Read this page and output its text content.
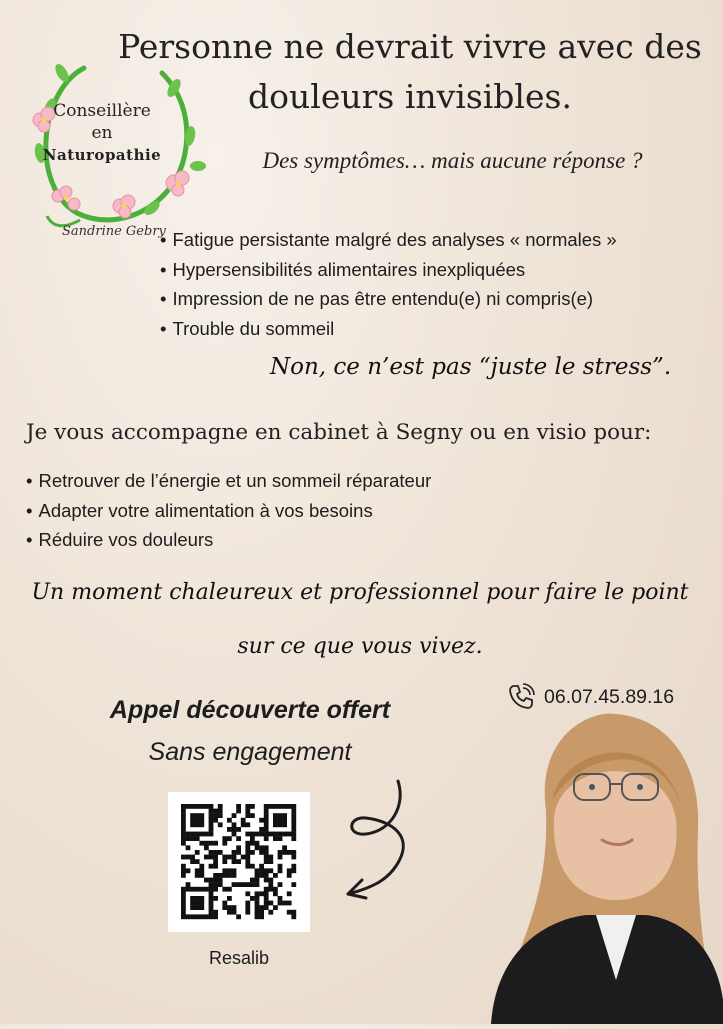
Conseillère
en
Naturopathie
Sandrine Gebry
Personne ne devrait vivre avec des
douleurs invisibles.
Des symptômes… mais aucune réponse ?
• Fatigue persistante malgré des analyses « normales »
• Hypersensibilités alimentaires inexpliquées
• Impression de ne pas être entendu(e) ni compris(e)
• Trouble du sommeil
Non, ce n’est pas “juste le stress”.
Je vous accompagne en cabinet à Segny ou en visio pour:
• Retrouver de l’énergie et un sommeil réparateur
• Adapter votre alimentation à vos besoins
• Réduire vos douleurs
Un moment chaleureux et professionnel pour faire le point
sur ce que vous vivez.
06.07.45.89.16
Appel découverte offert
Sans engagement
Resalib
